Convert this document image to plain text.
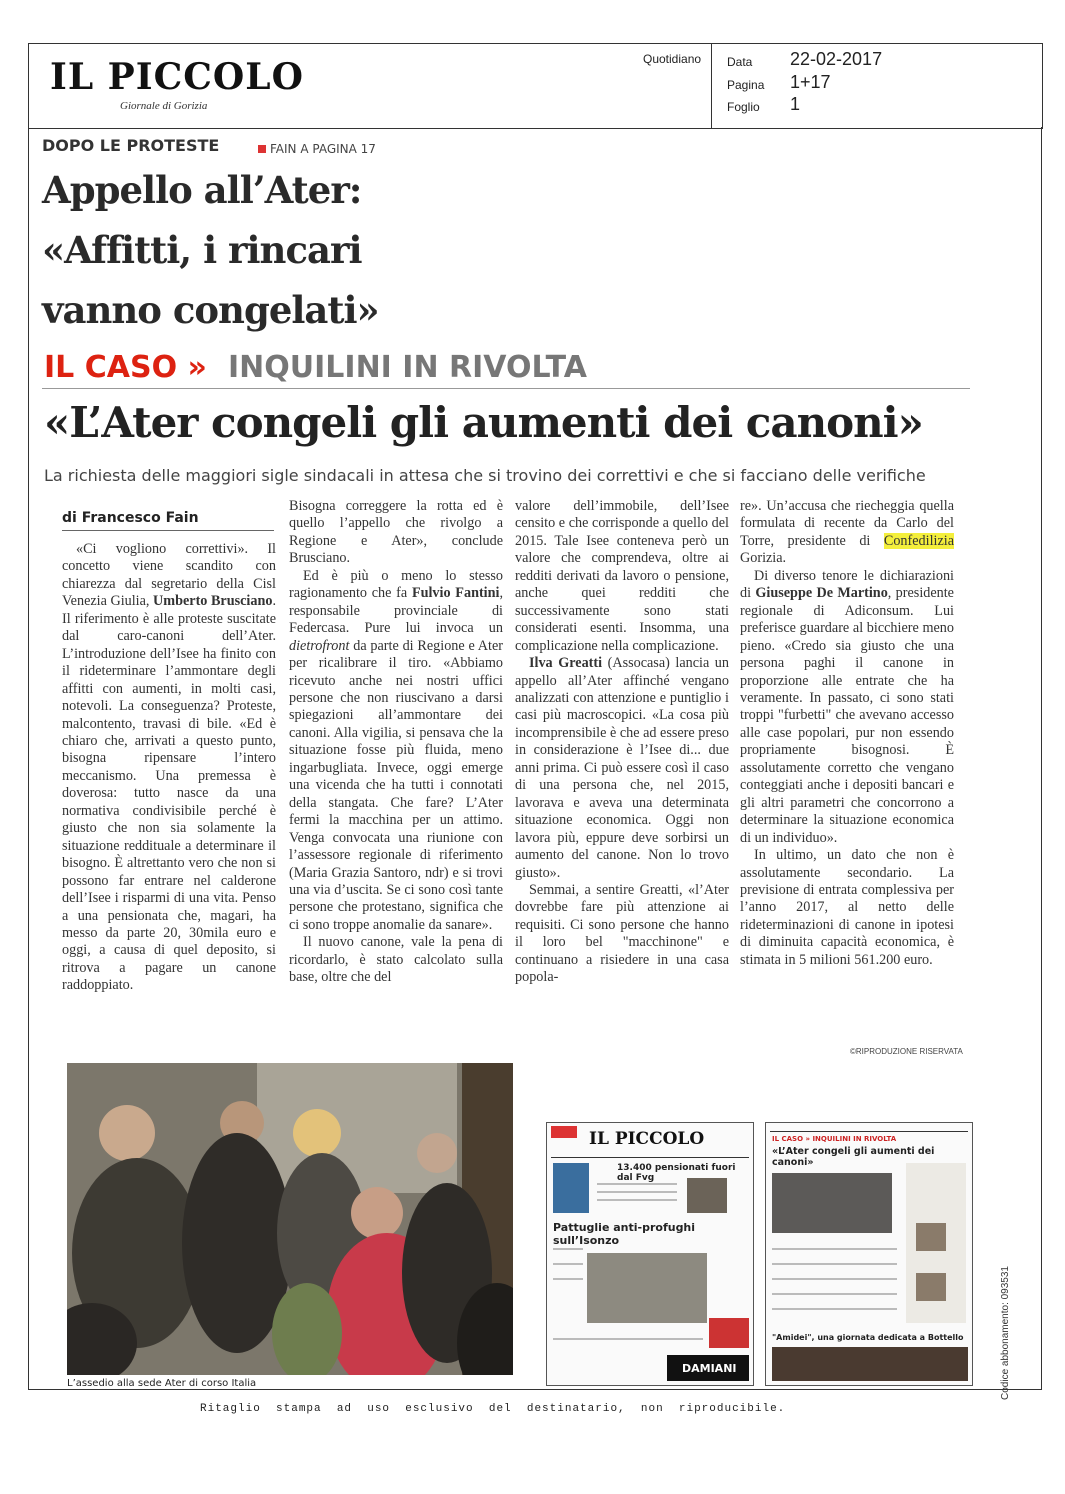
IL PICCOLO
Giornale di Gorizia
Quotidiano Data 22-02-2017
Pagina 1+17
Foglio 1
DOPO LE PROTESTE	FAIN A PAGINA 17
Appello all’Ater:
«Affitti, i rincari
vanno congelati»
IL CASO » INQUILINI IN RIVOLTA
«L’Ater congeli gli aumenti dei canoni»
La richiesta delle maggiori sigle sindacali in attesa che si trovino dei correttivi e che si facciano delle verifiche
di Francesco Fain

«Ci vogliono correttivi». Il concetto viene scandito con chiarezza dal segretario della Cisl Venezia Giulia, Umberto Brusciano. Il riferimento è alle proteste suscitate dal caro-canoni dell’Ater. L’introduzione dell’Isee ha finito con il rideterminare l’ammontare degli affitti con aumenti, in molti casi, notevoli. La conseguenza? Proteste, malcontento, travasi di bile. «Ed è chiaro che, arrivati a questo punto, bisogna ripensare l’intero meccanismo. Una premessa è doverosa: tutto nasce da una normativa condivisibile perché è giusto che non sia solamente la situazione reddituale a determinare il bisogno. È altrettanto vero che non si possono far entrare nel calderone dell’Isee i risparmi di una vita. Penso a una pensionata che, magari, ha messo da parte 20, 30mila euro e oggi, a causa di quel deposito, si ritrova a pagare un canone raddoppiato.

Bisogna correggere la rotta ed è quello l’appello che rivolgo a Regione e Ater», conclude Brusciano.

Ed è più o meno lo stesso ragionamento che fa Fulvio Fantini, responsabile provinciale di Federcasa. Pure lui invoca un dietrofront da parte di Regione e Ater per ricalibrare il tiro. «Abbiamo ricevuto anche nei nostri uffici persone che non riuscivano a darsi spiegazioni all’ammontare dei canoni. Alla vigilia, si pensava che la situazione fosse più fluida, meno ingarbugliata. Invece, oggi emerge una vicenda che ha tutti i connotati della stangata. Che fare? L’Ater fermi la macchina per un attimo. Venga convocata una riunione con l’assessore regionale di riferimento (Maria Grazia Santoro, ndr) e si trovi una via d’uscita. Se ci sono così tante persone che protestano, significa che ci sono troppe anomalie da sanare».

Il nuovo canone, vale la pena di ricordarlo, è stato calcolato sulla base, oltre che del

valore dell’immobile, dell’Isee censito e che corrisponde a quello del 2015. Tale Isee conteneva però un valore che comprendeva, oltre ai redditi derivati da lavoro o pensione, anche quei redditi che successivamente sono stati considerati esenti. Insomma, una complicazione nella complicazione.

Ilva Greatti (Assocasa) lancia un appello all’Ater affinché vengano analizzati con attenzione e puntiglio i casi più macroscopici. «La cosa più incomprensibile è che ad essere preso in considerazione è l’Isee di... due anni prima. Ci può essere così il caso di una persona che, nel 2015, lavorava e aveva una determinata situazione economica. Oggi non lavora più, eppure deve sorbirsi un aumento del canone. Non lo trovo giusto».

Semmai, a sentire Greatti, «l’Ater dovrebbe fare più attenzione ai requisiti. Ci sono persone che hanno il loro bel "macchinone" e continuano a risiedere in una casa popola-

re». Un’accusa che riecheggia quella formulata di recente da Carlo del Torre, presidente di Confedilizia Gorizia.

Di diverso tenore le dichiarazioni di Giuseppe De Martino, presidente regionale di Adiconsum. Lui preferisce guardare al bicchiere meno pieno. «Credo sia giusto che una persona paghi il canone in proporzione alle entrate che ha veramente. In passato, ci sono stati troppi "furbetti" che avevano accesso alle case popolari, pur non essendo propriamente bisognosi. È assolutamente corretto che vengano conteggiati anche i depositi bancari e gli altri parametri che concorrono a determinare la situazione economica di un individuo».

In ultimo, un dato che non è assolutamente secondario. La previsione di entrata complessiva per l’anno 2017, al netto delle rideterminazioni di canone in ipotesi di diminuita capacità economica, è stimata in 5 milioni 561.200 euro.

©RIPRODUZIONE RISERVATA
L’assedio alla sede Ater di corso Italia
IL PICCOLO
13.400 pensionati fuori dal Fvg
Pattuglie anti-profughi sull’Isonzo
DAMIANI
IL CASO » INQUILINI IN RIVOLTA
«L’Ater congeli gli aumenti dei canoni»
"Amidei", una giornata dedicata a Bottello
Ritaglio  stampa  ad  uso  esclusivo  del  destinatario,  non  riproducibile.
Codice abbonamento: 093531
